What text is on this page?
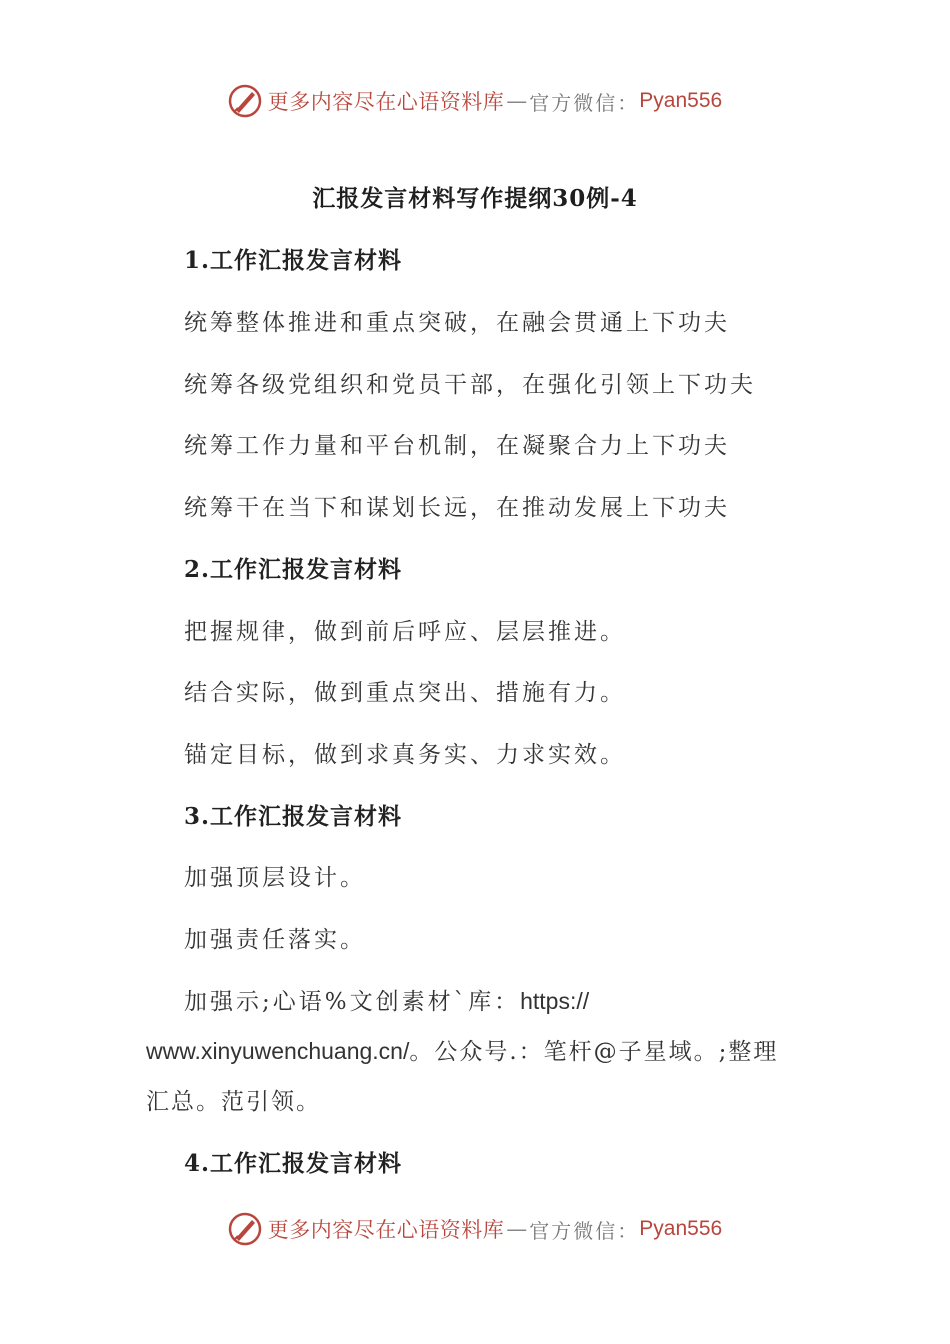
更多内容尽在心语资料库 — 官方微信： Pyan556
汇报发言材料写作提纲30例-4
1.工作汇报发言材料
统筹整体推进和重点突破，在融会贯通上下功夫
统筹各级党组织和党员干部，在强化引领上下功夫
统筹工作力量和平台机制，在凝聚合力上下功夫
统筹干在当下和谋划长远，在推动发展上下功夫
2.工作汇报发言材料
把握规律，做到前后呼应、层层推进。
结合实际，做到重点突出、措施有力。
锚定目标，做到求真务实、力求实效。
3.工作汇报发言材料
加强顶层设计。
加强责任落实。
加强示;心语%文创素材`库：https://
www.xinyuwenchuang.cn/。公众号.：笔杆@子星域。;整理
汇总。范引领。
4.工作汇报发言材料
更多内容尽在心语资料库 — 官方微信： Pyan556
